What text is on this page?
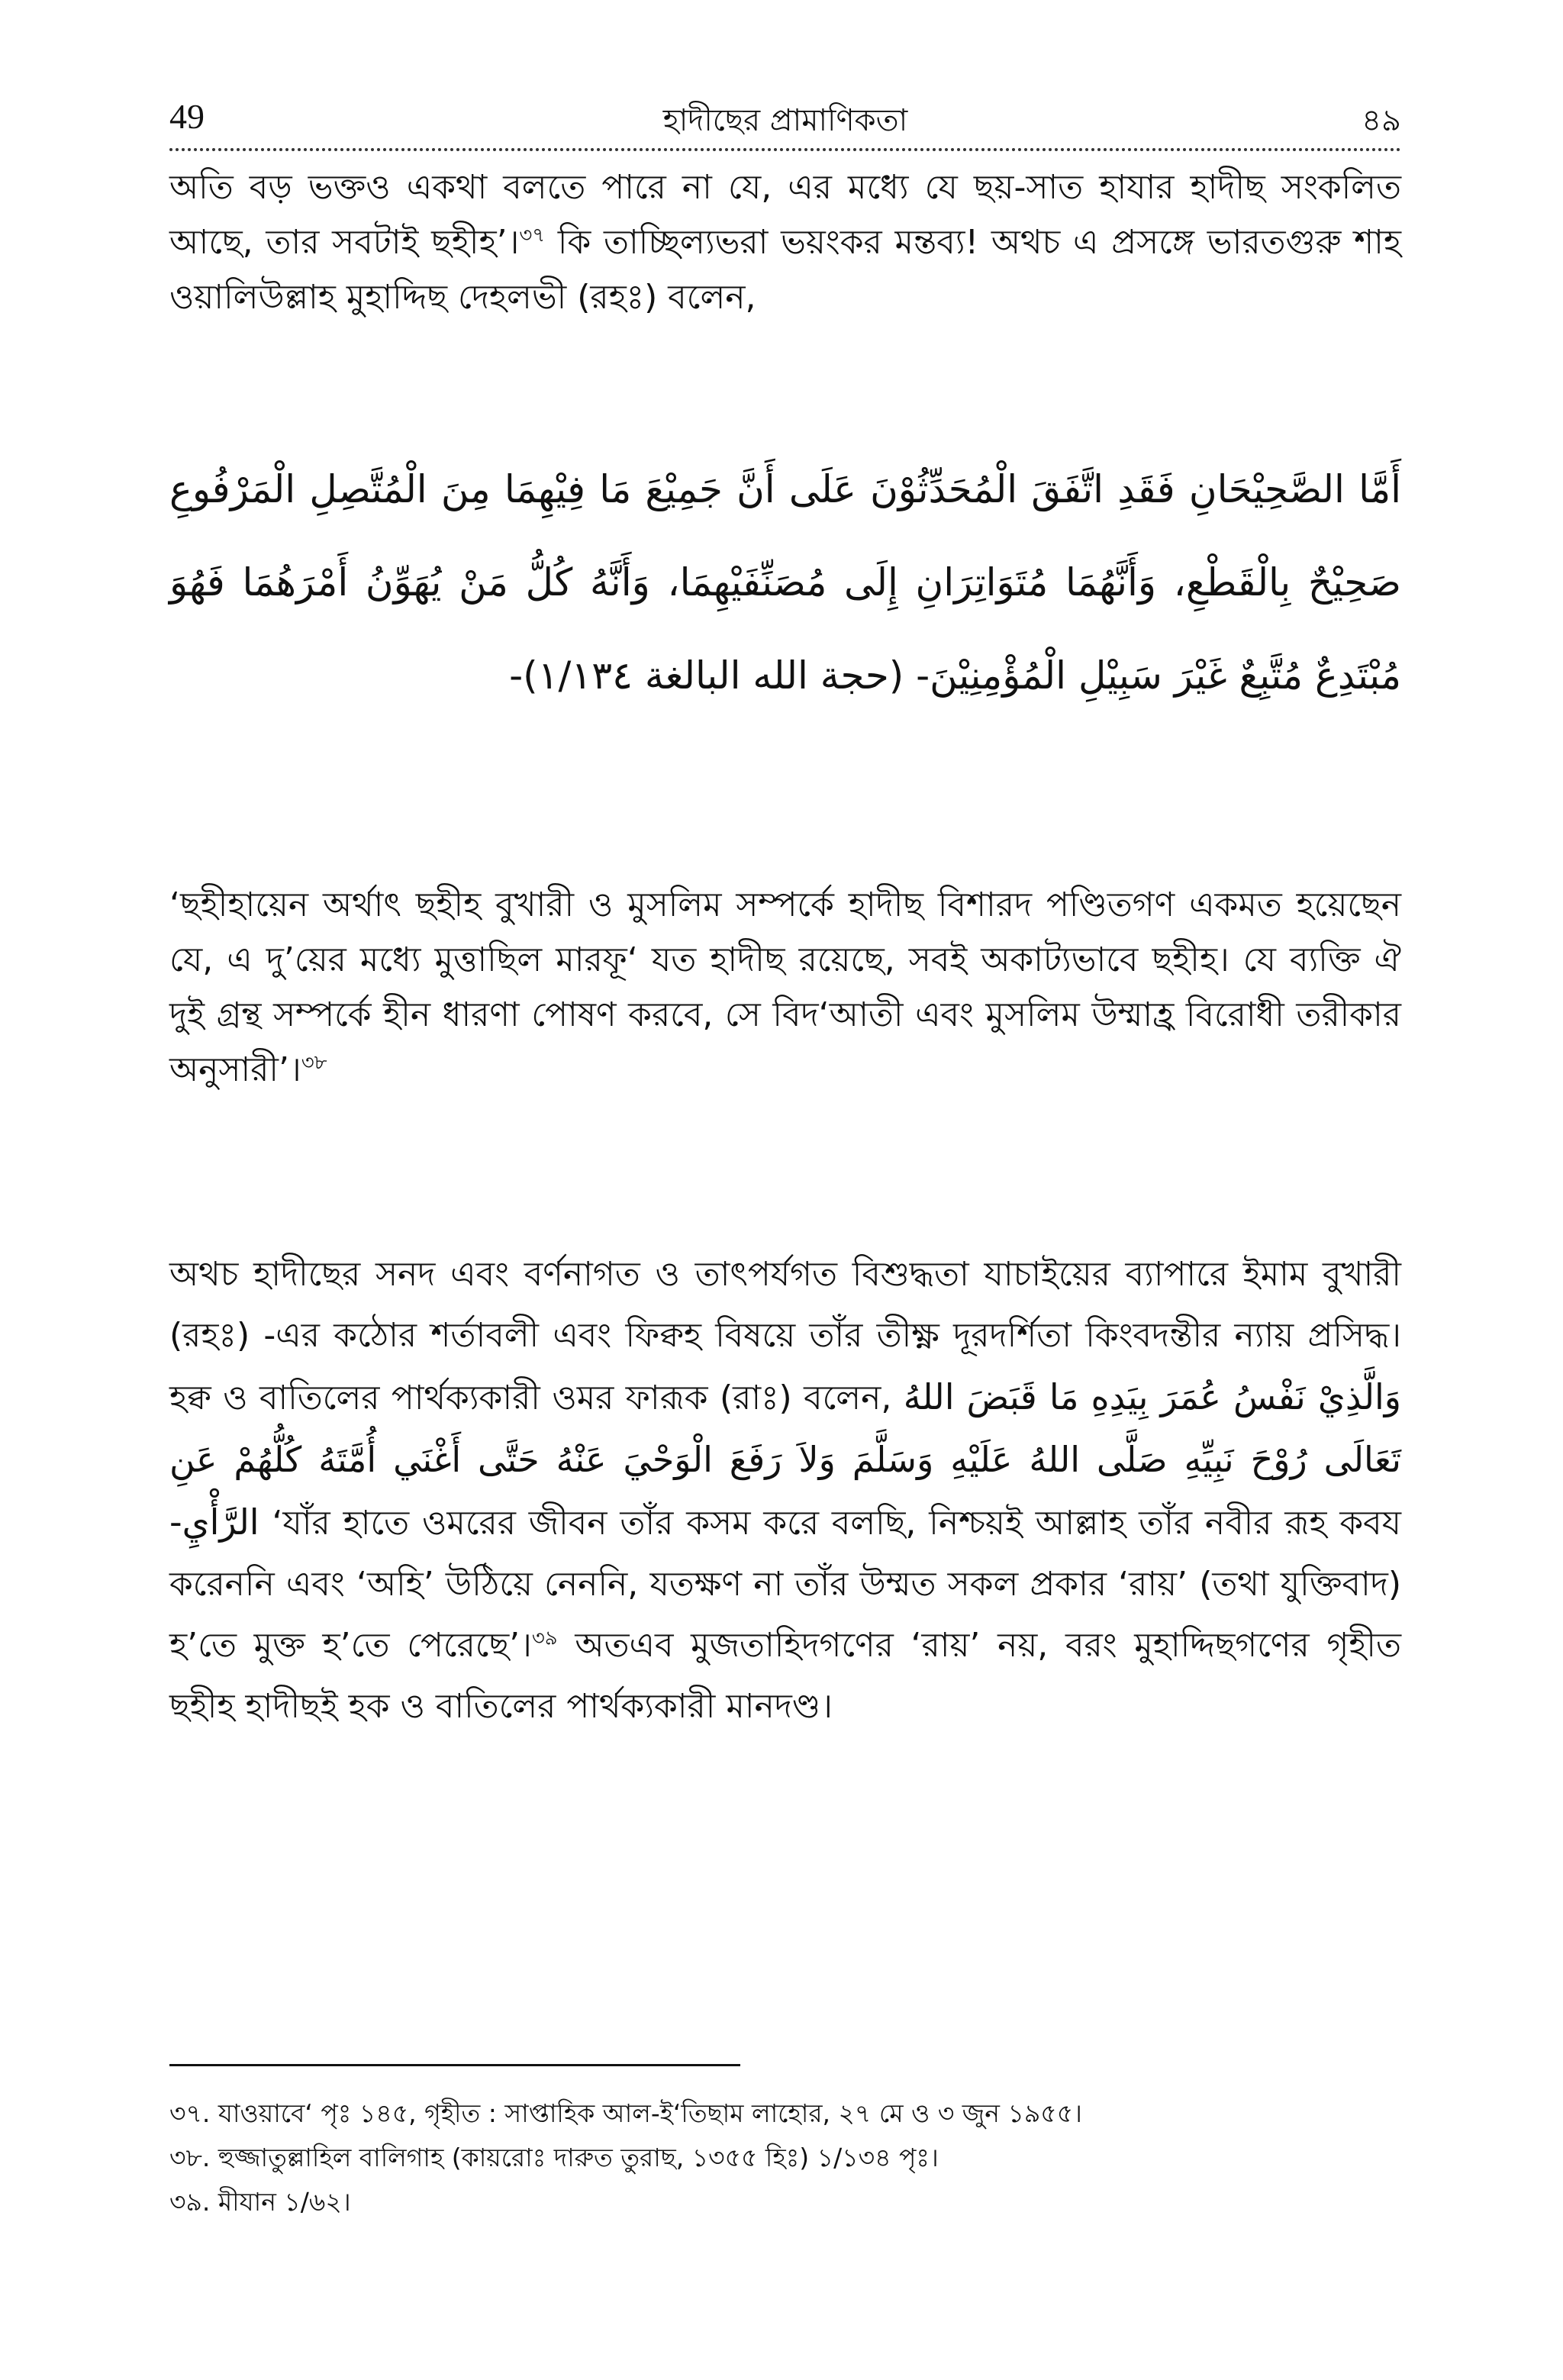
49	হাদীছের প্রামাণিকতা	৪৯
অতি বড় ভক্তও একথা বলতে পারে না যে, এর মধ্যে যে ছয়-সাত হাযার হাদীছ সংকলিত আছে, তার সবটাই ছহীহ’।$^{৩৭}$ কি তাচ্ছিল্যভরা ভয়ংকর মন্তব্য! অথচ এ প্রসঙ্গে ভারতগুরু শাহ ওয়ালিউল্লাহ মুহাদ্দিছ দেহলভী (রহঃ) বলেন,
أَمَّا الصَّحِيْحَانِ فَقَدِ اتَّفَقَ الْمُحَدِّثُوْنَ عَلَى أَنَّ جَمِيْعَ مَا فِيْهِمَا مِنَ الْمُتَّصِلِ الْمَرْفُوعِ صَحِيْحٌ بِالْقَطْعِ، وَأَنَّهُمَا مُتَوَاتِرَانِ إِلَى مُصَنِّفَيْهِمَا، وَأَنَّهُ كُلُّ مَنْ يُهَوِّنُ أَمْرَهُمَا فَهُوَ مُبْتَدِعٌ مُتَّبِعٌ غَيْرَ سَبِيْلِ الْمُؤْمِنِيْنَ- (حجة الله البالغة ١/١٣٤)-
‘ছহীহায়েন অর্থাৎ ছহীহ বুখারী ও মুসলিম সম্পর্কে হাদীছ বিশারদ পণ্ডিতগণ একমত হয়েছেন যে, এ দু’য়ের মধ্যে মুত্তাছিল মারফূ‘ যত হাদীছ রয়েছে, সবই অকাট্যভাবে ছহীহ। যে ব্যক্তি ঐ দুই গ্রন্থ সম্পর্কে হীন ধারণা পোষণ করবে, সে বিদ‘আতী এবং মুসলিম উম্মাহ্র বিরোধী তরীকার অনুসারী’।$^{৩৮}$
অথচ হাদীছের সনদ এবং বর্ণনাগত ও তাৎপর্যগত বিশুদ্ধতা যাচাইয়ের ব্যাপারে ইমাম বুখারী (রহঃ) -এর কঠোর শর্তাবলী এবং ফিক্বহ বিষয়ে তাঁর তীক্ষ্ণ দূরদর্শিতা কিংবদন্তীর ন্যায় প্রসিদ্ধ। হক্ব ও বাতিলের পার্থক্যকারী ওমর ফারূক (রাঃ) বলেন, وَالَّذِيْ نَفْسُ عُمَرَ بِيَدِهِ مَا قَبَضَ اللهُ تَعَالَى رُوْحَ نَبِيِّهِ صَلَّى اللهُ عَلَيْهِ وَسَلَّمَ وَلاَ رَفَعَ الْوَحْيَ عَنْهُ حَتَّى أَغْنَي أُمَّتَهُ كُلُّهُمْ عَنِ الرَّأْيِ- ‘যাঁর হাতে ওমরের জীবন তাঁর কসম করে বলছি, নিশ্চয়ই আল্লাহ তাঁর নবীর রূহ কবয করেননি এবং ‘অহি’ উঠিয়ে নেননি, যতক্ষণ না তাঁর উম্মত সকল প্রকার ‘রায়’ (তথা যুক্তিবাদ) হ’তে মুক্ত হ’তে পেরেছে’।$^{৩৯}$ অতএব মুজতাহিদগণের ‘রায়’ নয়, বরং মুহাদ্দিছগণের গৃহীত ছহীহ হাদীছই হক ও বাতিলের পার্থক্যকারী মানদণ্ড।
৩৭. যাওয়াবে‘ পৃঃ ১৪৫, গৃহীত : সাপ্তাহিক আল-ই‘তিছাম লাহোর, ২৭ মে ও ৩ জুন ১৯৫৫।
৩৮. হুজ্জাতুল্লাহিল বালিগাহ (কায়রোঃ দারুত তুরাছ, ১৩৫৫ হিঃ) ১/১৩৪ পৃঃ।
৩৯. মীযান ১/৬২।
